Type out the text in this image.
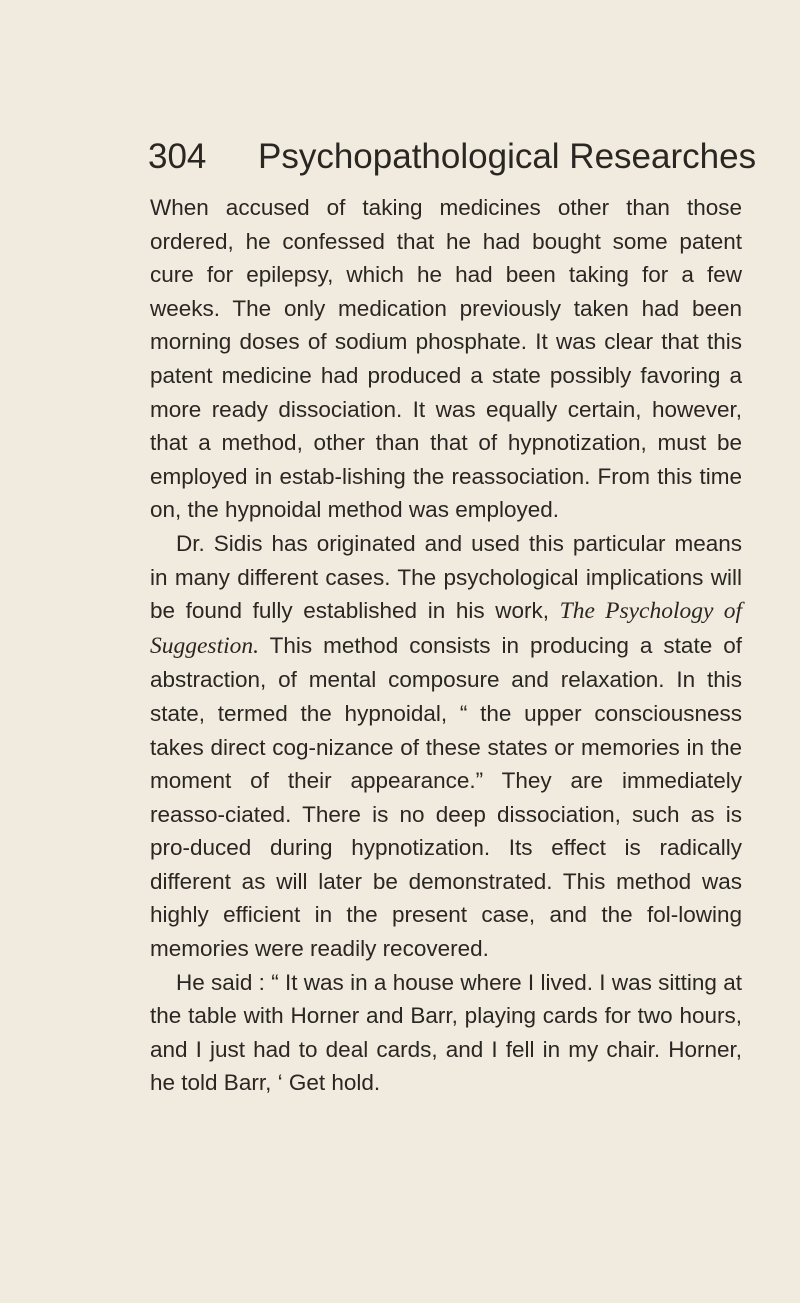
304 Psychopathological Researches

When accused of taking medicines other than those ordered, he confessed that he had bought some patent cure for epilepsy, which he had been taking for a few weeks. The only medication previously taken had been morning doses of sodium phosphate. It was clear that this patent medicine had produced a state possibly favoring a more ready dissociation. It was equally certain, however, that a method, other than that of hypnotization, must be employed in estab-lishing the reassociation. From this time on, the hypnoidal method was employed.

Dr. Sidis has originated and used this particular means in many different cases. The psychological implications will be found fully established in his work, The Psychology of Suggestion. This method consists in producing a state of abstraction, of mental composure and relaxation. In this state, termed the hypnoidal, “ the upper consciousness takes direct cog-nizance of these states or memories in the moment of their appearance.” They are immediately reasso-ciated. There is no deep dissociation, such as is pro-duced during hypnotization. Its effect is radically different as will later be demonstrated. This method was highly efficient in the present case, and the fol-lowing memories were readily recovered.

He said : “ It was in a house where I lived. I was sitting at the table with Horner and Barr, playing cards for two hours, and I just had to deal cards, and I fell in my chair. Horner, he told Barr, ‘ Get hold.
